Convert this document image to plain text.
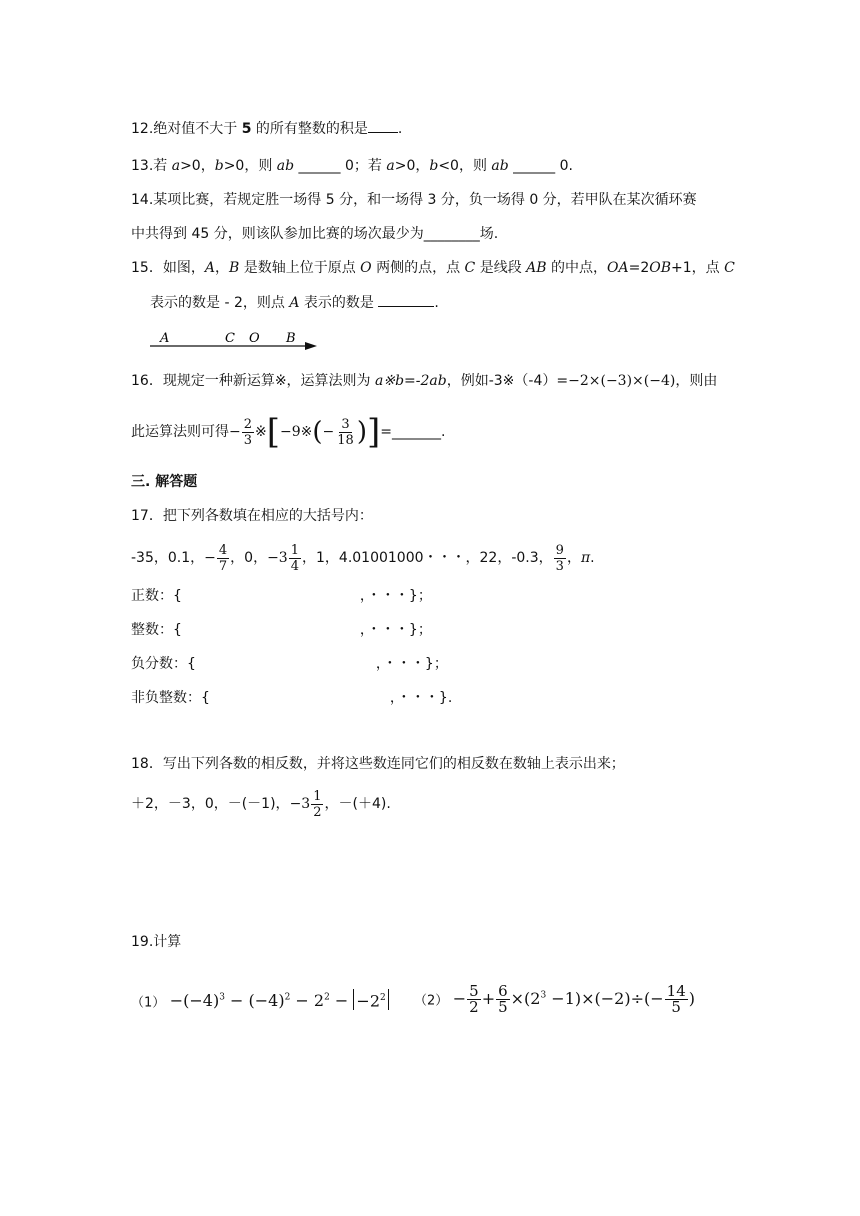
12.绝对值不大于 5 的所有整数的积是 .
13.若 a>0，b>0，则 ab ______ 0；若 a>0，b<0，则 ab ______ 0.
14.某项比赛，若规定胜一场得 5 分，和一场得 3 分，负一场得 0 分，若甲队在某次循环赛
中共得到 45 分，则该队参加比赛的场次最少为________场.
15．如图，A，B 是数轴上位于原点 O 两侧的点，点 C 是线段 AB 的中点，OA=2OB+1，点 C
表示的数是 - 2，则点 A 表示的数是	.
A	C O B
16．现规定一种新运算※，运算法则为 a※b=-2ab，例如-3※（-4）=−2×(−3)×(−4)，则由
此运算法则可得− $\frac{2}{3}$ ※[−9※(− $\frac{3}{18}$ )]=_______.
三. 解答题
17．把下列各数填在相应的大括号内：
-35，0.1，− $\frac{4}{7}$ ，0， $-3 \frac{1}{4}$ ，1，4.01001000・・・，22，-0.3， $\frac{9}{3}$ ，π.
正数：{	，・・・}；
整数：{	，・・・}；
负分数：{	，・・・}；
非负整数：{	，・・・}.
18．写出下列各数的相反数，并将这些数连同它们的相反数在数轴上表示出来；
＋2，－3，0，－(－1)， $-3 \frac{1}{2}$ ，－(＋4).
19.计算
$(1) -(-4)^3 - (-4)^2 - 2^2 - -2^2$ $(2) - \frac{5}{2} + \frac{6}{5} \times(2^3 -1)\times(-2)\div(- \frac{14}{5}$ )
